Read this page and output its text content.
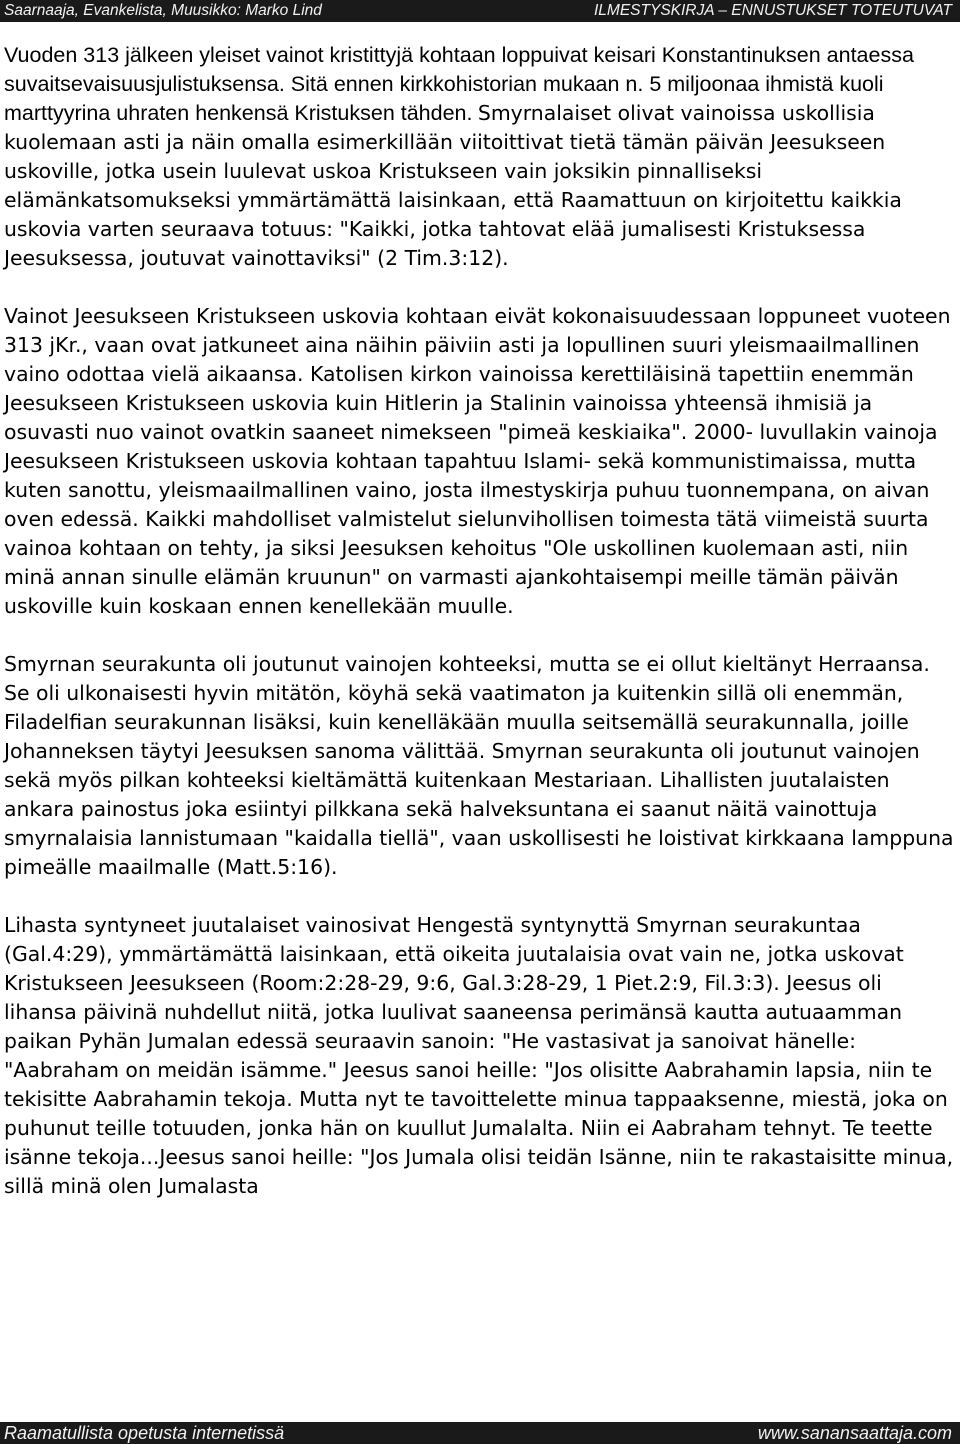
Saarnaaja, Evankelista, Muusikko: Marko Lind	ILMESTYSKIRJA – ENNUSTUKSET TOTEUTUVAT

Vuoden 313 jälkeen yleiset vainot kristittyjä kohtaan loppuivat keisari Konstantinuksen antaessa suvaitsevaisuusjulistuksensa. Sitä ennen kirkkohistorian mukaan n. 5 miljoonaa ihmistä kuoli marttyyrina uhraten henkensä Kristuksen tähden. Smyrnalaiset olivat vainoissa uskollisia kuolemaan asti ja näin omalla esimerkillään viitoittivat tietä tämän päivän Jeesukseen uskoville, jotka usein luulevat uskoa Kristukseen vain joksikin pinnalliseksi elämänkatsomukseksi ymmärtämättä laisinkaan, että Raamattuun on kirjoitettu kaikkia uskovia varten seuraava totuus: "Kaikki, jotka tahtovat elää jumalisesti Kristuksessa Jeesuksessa, joutuvat vainottaviksi" (2 Tim.3:12).

Vainot Jeesukseen Kristukseen uskovia kohtaan eivät kokonaisuudessaan loppuneet vuoteen 313 jKr., vaan ovat jatkuneet aina näihin päiviin asti ja lopullinen suuri yleismaailmallinen vaino odottaa vielä aikaansa. Katolisen kirkon vainoissa kerettiläisinä tapettiin enemmän Jeesukseen Kristukseen uskovia kuin Hitlerin ja Stalinin vainoissa yhteensä ihmisiä ja osuvasti nuo vainot ovatkin saaneet nimekseen "pimeä keskiaika". 2000- luvullakin vainoja Jeesukseen Kristukseen uskovia kohtaan tapahtuu Islami- sekä kommunistimaissa, mutta kuten sanottu, yleismaailmallinen vaino, josta ilmestyskirja puhuu tuonnempana, on aivan oven edessä. Kaikki mahdolliset valmistelut sielunvihollisen toimesta tätä viimeistä suurta vainoa kohtaan on tehty, ja siksi Jeesuksen kehoitus "Ole uskollinen kuolemaan asti, niin minä annan sinulle elämän kruunun" on varmasti ajankohtaisempi meille tämän päivän uskoville kuin koskaan ennen kenellekään muulle.

Smyrnan seurakunta oli joutunut vainojen kohteeksi, mutta se ei ollut kieltänyt Herraansa. Se oli ulkonaisesti hyvin mitätön, köyhä sekä vaatimaton ja kuitenkin sillä oli enemmän, Filadelfian seurakunnan lisäksi, kuin kenelläkään muulla seitsemällä seurakunnalla, joille Johanneksen täytyi Jeesuksen sanoma välittää. Smyrnan seurakunta oli joutunut vainojen sekä myös pilkan kohteeksi kieltämättä kuitenkaan Mestariaan. Lihallisten juutalaisten ankara painostus joka esiintyi pilkkana sekä halveksuntana ei saanut näitä vainottuja smyrnalaisia lannistumaan "kaidalla tiellä", vaan uskollisesti he loistivat kirkkaana lamppuna pimeälle maailmalle (Matt.5:16).

Lihasta syntyneet juutalaiset vainosivat Hengestä syntynyttä Smyrnan seurakuntaa (Gal.4:29), ymmärtämättä laisinkaan, että oikeita juutalaisia ovat vain ne, jotka uskovat Kristukseen Jeesukseen (Room:2:28-29, 9:6, Gal.3:28-29, 1 Piet.2:9, Fil.3:3). Jeesus oli lihansa päivinä nuhdellut niitä, jotka luulivat saaneensa perimänsä kautta autuaamman paikan Pyhän Jumalan edessä seuraavin sanoin: "He vastasivat ja sanoivat hänelle: "Aabraham on meidän isämme." Jeesus sanoi heille: "Jos olisitte Aabrahamin lapsia, niin te tekisitte Aabrahamin tekoja. Mutta nyt te tavoittelette minua tappaaksenne, miestä, joka on puhunut teille totuuden, jonka hän on kuullut Jumalalta. Niin ei Aabraham tehnyt. Te teette isänne tekoja...Jeesus sanoi heille: "Jos Jumala olisi teidän Isänne, niin te rakastaisitte minua, sillä minä olen Jumalasta

Raamatullista opetusta internetissä	www.sanansaattaja.com
